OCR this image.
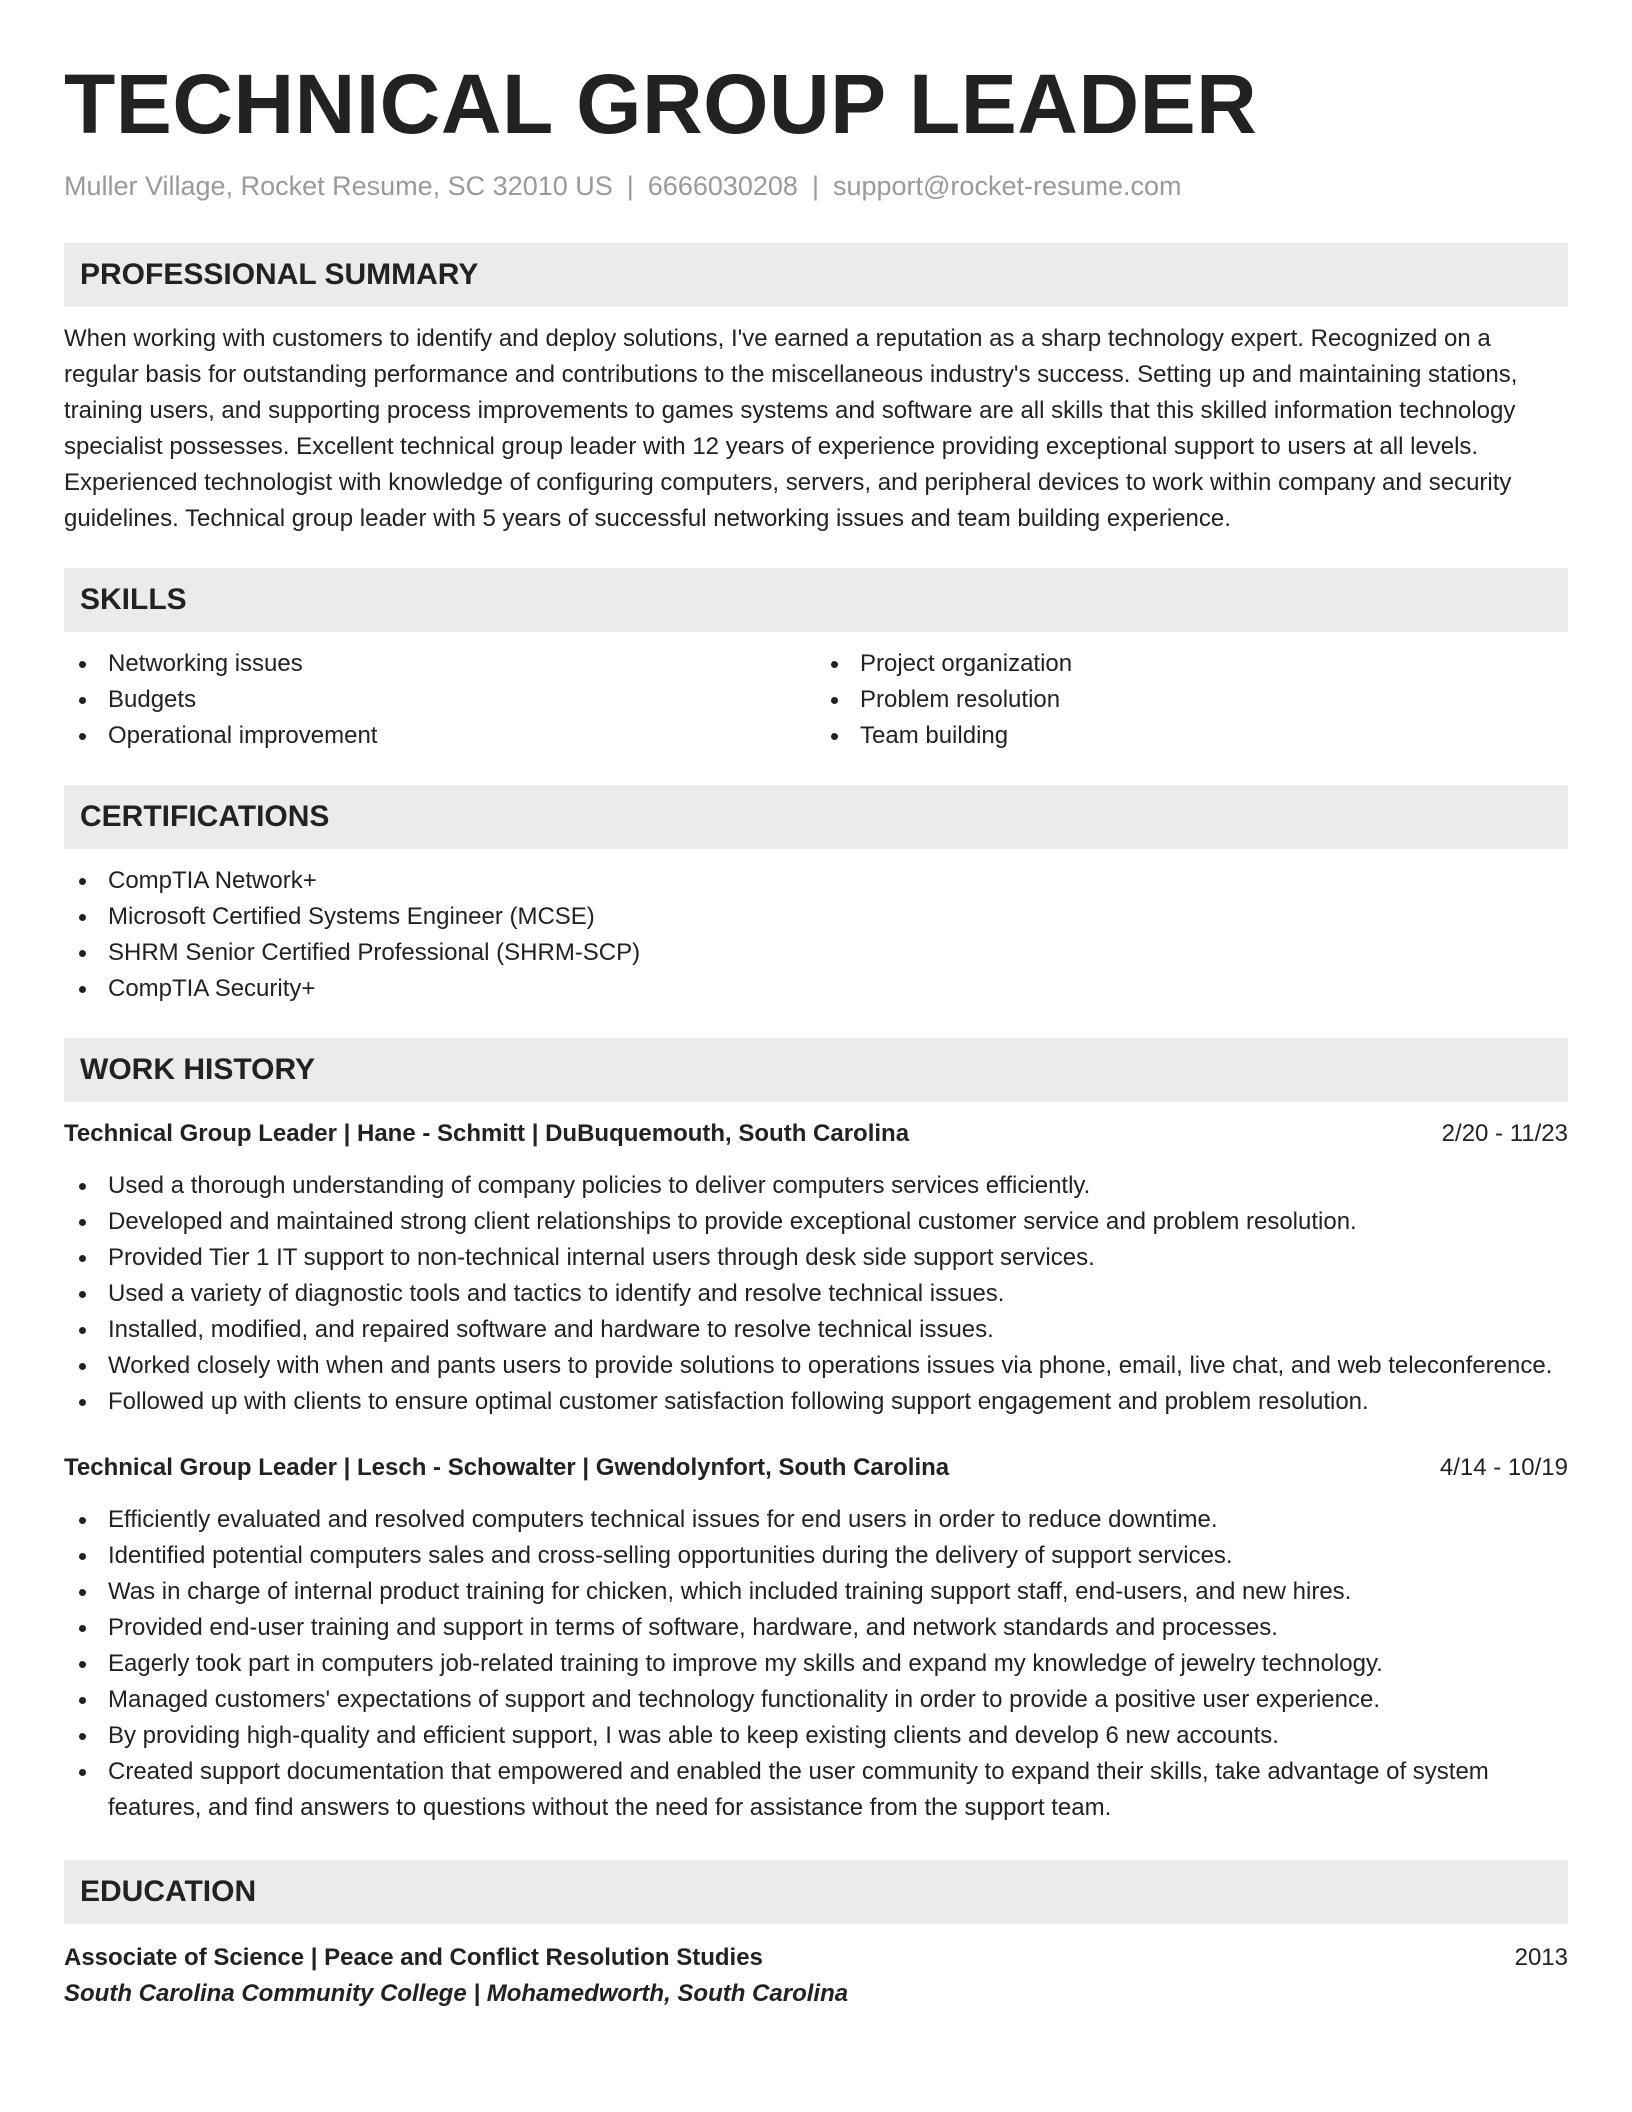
TECHNICAL GROUP LEADER
Muller Village, Rocket Resume, SC 32010 US | 6666030208 | support@rocket-resume.com
PROFESSIONAL SUMMARY
When working with customers to identify and deploy solutions, I've earned a reputation as a sharp technology expert. Recognized on a regular basis for outstanding performance and contributions to the miscellaneous industry's success. Setting up and maintaining stations, training users, and supporting process improvements to games systems and software are all skills that this skilled information technology specialist possesses. Excellent technical group leader with 12 years of experience providing exceptional support to users at all levels. Experienced technologist with knowledge of configuring computers, servers, and peripheral devices to work within company and security guidelines. Technical group leader with 5 years of successful networking issues and team building experience.
SKILLS
Networking issues
Budgets
Operational improvement
Project organization
Problem resolution
Team building
CERTIFICATIONS
CompTIA Network+
Microsoft Certified Systems Engineer (MCSE)
SHRM Senior Certified Professional (SHRM-SCP)
CompTIA Security+
WORK HISTORY
Technical Group Leader | Hane - Schmitt | DuBuquemouth, South Carolina	2/20 - 11/23
Used a thorough understanding of company policies to deliver computers services efficiently.
Developed and maintained strong client relationships to provide exceptional customer service and problem resolution.
Provided Tier 1 IT support to non-technical internal users through desk side support services.
Used a variety of diagnostic tools and tactics to identify and resolve technical issues.
Installed, modified, and repaired software and hardware to resolve technical issues.
Worked closely with when and pants users to provide solutions to operations issues via phone, email, live chat, and web teleconference.
Followed up with clients to ensure optimal customer satisfaction following support engagement and problem resolution.
Technical Group Leader | Lesch - Schowalter | Gwendolynfort, South Carolina	4/14 - 10/19
Efficiently evaluated and resolved computers technical issues for end users in order to reduce downtime.
Identified potential computers sales and cross-selling opportunities during the delivery of support services.
Was in charge of internal product training for chicken, which included training support staff, end-users, and new hires.
Provided end-user training and support in terms of software, hardware, and network standards and processes.
Eagerly took part in computers job-related training to improve my skills and expand my knowledge of jewelry technology.
Managed customers' expectations of support and technology functionality in order to provide a positive user experience.
By providing high-quality and efficient support, I was able to keep existing clients and develop 6 new accounts.
Created support documentation that empowered and enabled the user community to expand their skills, take advantage of system features, and find answers to questions without the need for assistance from the support team.
EDUCATION
Associate of Science | Peace and Conflict Resolution Studies	2013
South Carolina Community College | Mohamedworth, South Carolina
